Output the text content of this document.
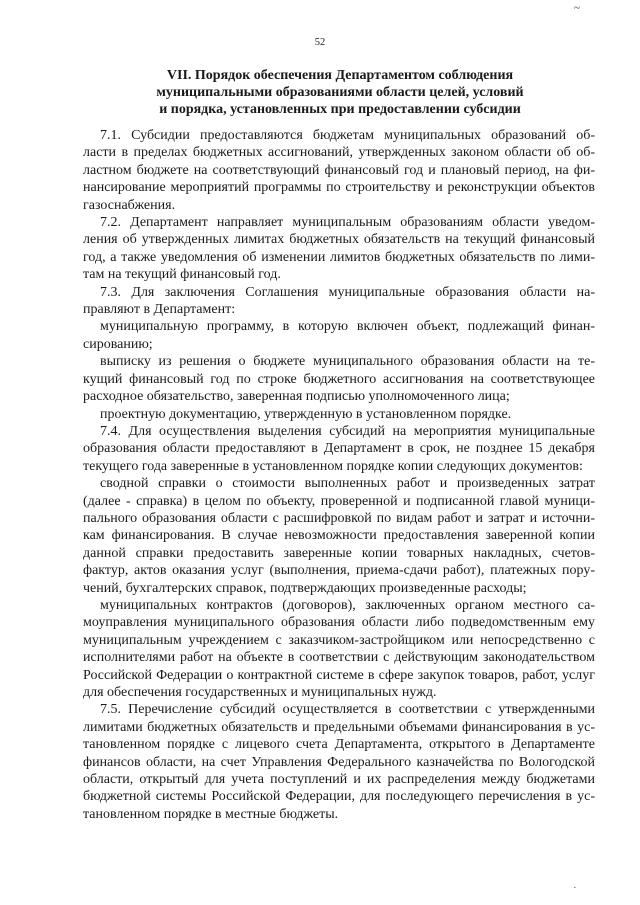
~
52
VII. Порядок обеспечения Департаментом соблюдения
муниципальными образованиями области целей, условий
и порядка, установленных при предоставлении субсидии
7.1. Субсидии предоставляются бюджетам муниципальных образований об-
ласти в пределах бюджетных ассигнований, утвержденных законом области об об-
ластном бюджете на соответствующий финансовый год и плановый период, на фи-
нансирование мероприятий программы по строительству и реконструкции объектов
газоснабжения.
7.2. Департамент направляет муниципальным образованиям области уведом-
ления об утвержденных лимитах бюджетных обязательств на текущий финансовый
год, а также уведомления об изменении лимитов бюджетных обязательств по лими-
там на текущий финансовый год.
7.3. Для заключения Соглашения муниципальные образования области на-
правляют в Департамент:
муниципальную программу, в которую включен объект, подлежащий финан-
сированию;
выписку из решения о бюджете муниципального образования области на те-
кущий финансовый год по строке бюджетного ассигнования на соответствующее
расходное обязательство, заверенная подписью уполномоченного лица;
проектную документацию, утвержденную в установленном порядке.
7.4. Для осуществления выделения субсидий на мероприятия муниципальные
образования области предоставляют в Департамент в срок, не позднее 15 декабря
текущего года заверенные в установленном порядке копии следующих документов:
сводной справки о стоимости выполненных работ и произведенных затрат
(далее - справка) в целом по объекту, проверенной и подписанной главой муници-
пального образования области с расшифровкой по видам работ и затрат и источни-
кам финансирования. В случае невозможности предоставления заверенной копии
данной справки предоставить заверенные копии товарных накладных, счетов-
фактур, актов оказания услуг (выполнения, приема-сдачи работ), платежных пору-
чений, бухгалтерских справок, подтверждающих произведенные расходы;
муниципальных контрактов (договоров), заключенных органом местного са-
моуправления муниципального образования области либо подведомственным ему
муниципальным учреждением с заказчиком-застройщиком или непосредственно с
исполнителями работ на объекте в соответствии с действующим законодательством
Российской Федерации о контрактной системе в сфере закупок товаров, работ, услуг
для обеспечения государственных и муниципальных нужд.
7.5. Перечисление субсидий осуществляется в соответствии с утвержденными
лимитами бюджетных обязательств и предельными объемами финансирования в ус-
тановленном порядке с лицевого счета Департамента, открытого в Департаменте
финансов области, на счет Управления Федерального казначейства по Вологодской
области, открытый для учета поступлений и их распределения между бюджетами
бюджетной системы Российской Федерации, для последующего перечисления в ус-
тановленном порядке в местные бюджеты.
.
